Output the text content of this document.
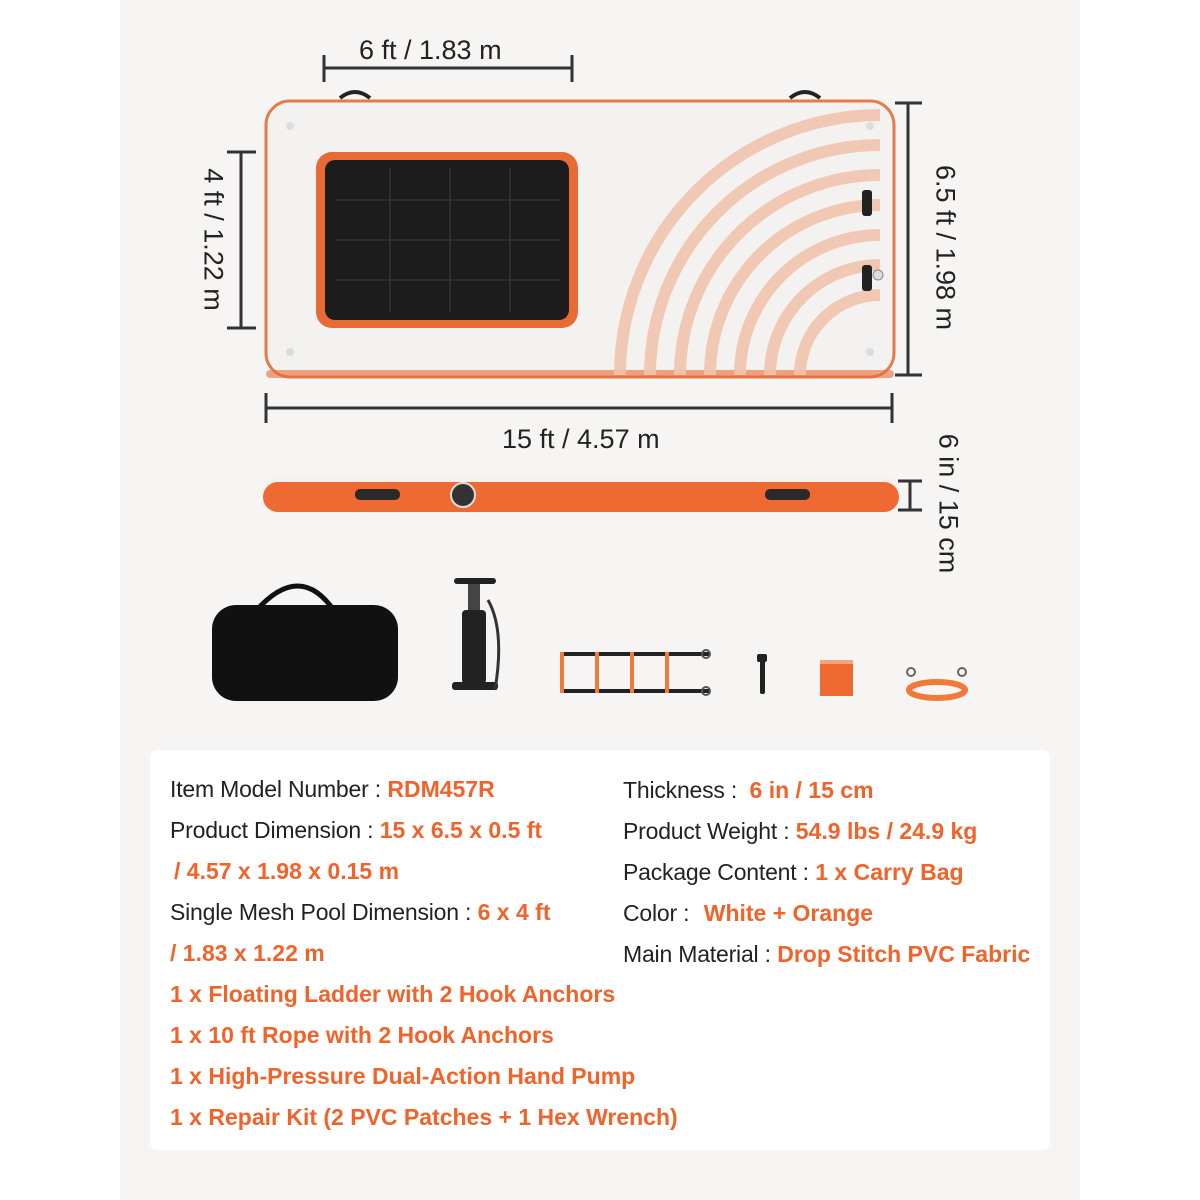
6 ft / 1.83 m
4 ft / 1.22 m	6.5 ft / 1.98 m
15 ft / 4.57 m	6 in / 15 cm
Item Model Number : RDM457R
Product Dimension : 15 x 6.5 x 0.5 ft
/ 4.57 x 1.98 x 0.15 m
Single Mesh Pool Dimension : 6 x 4 ft
/ 1.83 x 1.22 m
1 x Floating Ladder with 2 Hook Anchors
1 x 10 ft Rope with 2 Hook Anchors
1 x High-Pressure Dual-Action Hand Pump
1 x Repair Kit (2 PVC Patches + 1 Hex Wrench)
Thickness : 6 in / 15 cm
Product Weight : 54.9 lbs / 24.9 kg
Package Content : 1 x Carry Bag
Color : White + Orange
Main Material : Drop Stitch PVC Fabric
